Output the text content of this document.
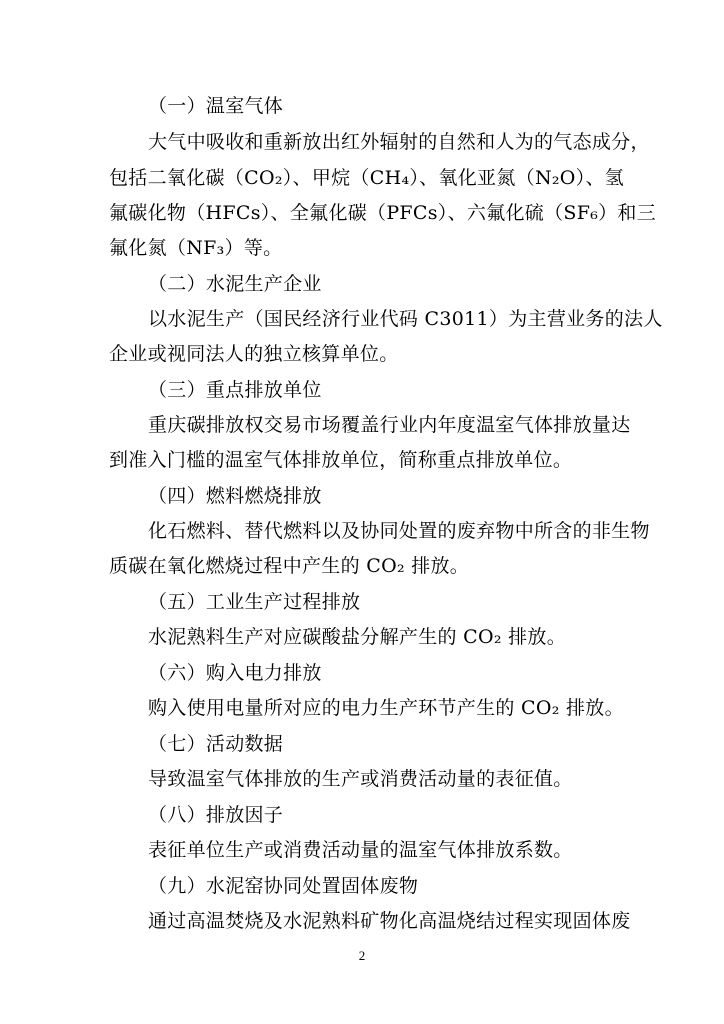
（一）温室气体
大气中吸收和重新放出红外辐射的自然和人为的气态成分，
包括二氧化碳（CO₂）、甲烷（CH₄）、氧化亚氮（N₂O）、氢
氟碳化物（HFCs）、全氟化碳（PFCs）、六氟化硫（SF₆）和三
氟化氮（NF₃）等。
（二）水泥生产企业
以水泥生产（国民经济行业代码 C3011）为主营业务的法人
企业或视同法人的独立核算单位。
（三）重点排放单位
重庆碳排放权交易市场覆盖行业内年度温室气体排放量达
到准入门槛的温室气体排放单位，简称重点排放单位。
（四）燃料燃烧排放
化石燃料、替代燃料以及协同处置的废弃物中所含的非生物
质碳在氧化燃烧过程中产生的 CO₂ 排放。
（五）工业生产过程排放
水泥熟料生产对应碳酸盐分解产生的 CO₂ 排放。
（六）购入电力排放
购入使用电量所对应的电力生产环节产生的 CO₂ 排放。
（七）活动数据
导致温室气体排放的生产或消费活动量的表征值。
（八）排放因子
表征单位生产或消费活动量的温室气体排放系数。
（九）水泥窑协同处置固体废物
通过高温焚烧及水泥熟料矿物化高温烧结过程实现固体废
2
